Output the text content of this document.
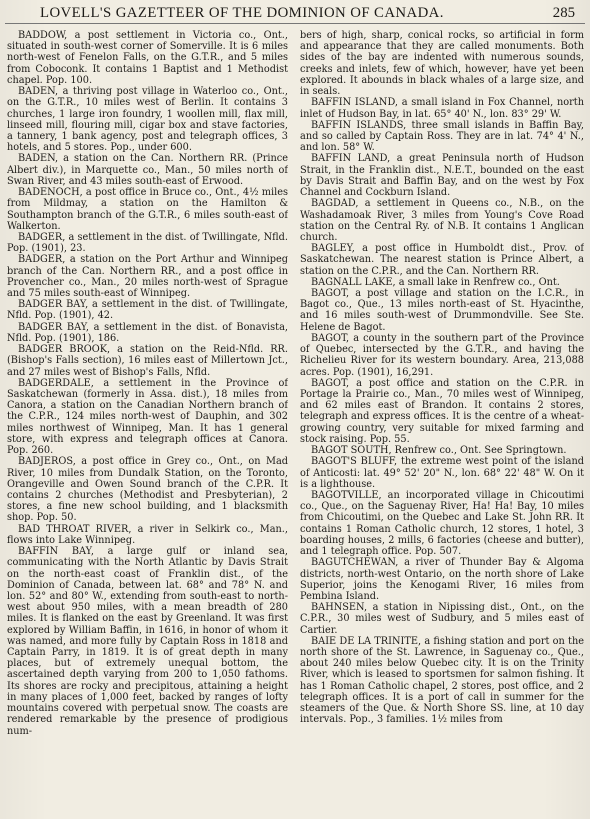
LOVELL'S GAZETTEER OF THE DOMINION OF CANADA.	285

BADDOW, a post settlement in Victoria co., Ont., situated in south-west corner of Somerville. It is 6 miles north-west of Fenelon Falls, on the G.T.R., and 5 miles from Coboconk. It contains 1 Baptist and 1 Methodist chapel. Pop. 100.

BADEN, a thriving post village in Waterloo co., Ont., on the G.T.R., 10 miles west of Berlin. It contains 3 churches, 1 large iron foundry, 1 woollen mill, flax mill, linseed mill, flouring mill, cigar box and stave factories, a tannery, 1 bank agency, post and telegraph offices, 3 hotels, and 5 stores. Pop., under 600.

BADEN, a station on the Can. Northern RR. (Prince Albert div.), in Marquette co., Man., 50 miles north of Swan River, and 43 miles south-east of Erwood.

BADENOCH, a post office in Bruce co., Ont., 4½ miles from Mildmay, a station on the Hamilton & Southampton branch of the G.T.R., 6 miles south-east of Walkerton.

BADGER, a settlement in the dist. of Twillingate, Nfld. Pop. (1901), 23.

BADGER, a station on the Port Arthur and Winnipeg branch of the Can. Northern RR., and a post office in Provencher co., Man., 20 miles north-west of Sprague and 75 miles south-east of Winnipeg.

BADGER BAY, a settlement in the dist. of Twillingate, Nfld. Pop. (1901), 42.

BADGER BAY, a settlement in the dist. of Bonavista, Nfld. Pop. (1901), 186.

BADGER BROOK, a station on the Reid-Nfld. RR. (Bishop's Falls section), 16 miles east of Millertown Jct., and 27 miles west of Bishop's Falls, Nfld.

BADGERDALE, a settlement in the Province of Saskatchewan (formerly in Assa. dist.), 18 miles from Canora, a station on the Canadian Northern branch of the C.P.R., 124 miles north-west of Dauphin, and 302 miles northwest of Winnipeg, Man. It has 1 general store, with express and telegraph offices at Canora. Pop. 260.

BADJEROS, a post office in Grey co., Ont., on Mad River, 10 miles from Dundalk Station, on the Toronto, Orangeville and Owen Sound branch of the C.P.R. It contains 2 churches (Methodist and Presbyterian), 2 stores, a fine new school building, and 1 blacksmith shop. Pop. 50.

BAD THROAT RIVER, a river in Selkirk co., Man., flows into Lake Winnipeg.

BAFFIN BAY, a large gulf or inland sea, communicating with the North Atlantic by Davis Strait on the north-east coast of Franklin dist., of the Dominion of Canada, between lat. 68° and 78° N. and lon. 52° and 80° W., extending from south-east to north-west about 950 miles, with a mean breadth of 280 miles. It is flanked on the east by Greenland. It was first explored by William Baffin, in 1616, in honor of whom it was named, and more fully by Captain Ross in 1818 and Captain Parry, in 1819. It is of great depth in many places, but of extremely unequal bottom, the ascertained depth varying from 200 to 1,050 fathoms. Its shores are rocky and precipitous, attaining a height in many places of 1,000 feet, backed by ranges of lofty mountains covered with perpetual snow. The coasts are rendered remarkable by the presence of prodigious num-

bers of high, sharp, conical rocks, so artificial in form and appearance that they are called monuments. Both sides of the bay are indented with numerous sounds, creeks and inlets, few of which, however, have yet been explored. It abounds in black whales of a large size, and in seals.

BAFFIN ISLAND, a small island in Fox Channel, north inlet of Hudson Bay, in lat. 65° 40' N., lon. 83° 29' W.

BAFFIN ISLANDS, three small islands in Baffin Bay, and so called by Captain Ross. They are in lat. 74° 4' N., and lon. 58° W.

BAFFIN LAND, a great Peninsula north of Hudson Strait, in the Franklin dist., N.E.T., bounded on the east by Davis Strait and Baffin Bay, and on the west by Fox Channel and Cockburn Island.

BAGDAD, a settlement in Queens co., N.B., on the Washadamoak River, 3 miles from Young's Cove Road station on the Central Ry. of N.B. It contains 1 Anglican church.

BAGLEY, a post office in Humboldt dist., Prov. of Saskatchewan. The nearest station is Prince Albert, a station on the C.P.R., and the Can. Northern RR.

BAGNALL LAKE, a small lake in Renfrew co., Ont.

BAGOT, a post village and station on the I.C.R., in Bagot co., Que., 13 miles north-east of St. Hyacinthe, and 16 miles south-west of Drummondville. See Ste. Helene de Bagot.

BAGOT, a county in the southern part of the Province of Quebec, intersected by the G.T.R., and having the Richelieu River for its western boundary. Area, 213,088 acres. Pop. (1901), 16,291.

BAGOT, a post office and station on the C.P.R. in Portage la Prairie co., Man., 70 miles west of Winnipeg, and 62 miles east of Brandon. It contains 2 stores, telegraph and express offices. It is the centre of a wheat-growing country, very suitable for mixed farming and stock raising. Pop. 55.

BAGOT SOUTH, Renfrew co., Ont. See Springtown.

BAGOT'S BLUFF, the extreme west point of the island of Anticosti: lat. 49° 52' 20" N., lon. 68° 22' 48" W. On it is a lighthouse.

BAGOTVILLE, an incorporated village in Chicoutimi co., Que., on the Saguenay River, Ha! Ha! Bay, 10 miles from Chicoutimi, on the Quebec and Lake St. John RR. It contains 1 Roman Catholic church, 12 stores, 1 hotel, 3 boarding houses, 2 mills, 6 factories (cheese and butter), and 1 telegraph office. Pop. 507.

BAGUTCHEWAN, a river of Thunder Bay & Algoma districts, north-west Ontario, on the north shore of Lake Superior, joins the Kenogami River, 16 miles from Pembina Island.

BAHNSEN, a station in Nipissing dist., Ont., on the C.P.R., 30 miles west of Sudbury, and 5 miles east of Cartier.

BAIE DE LA TRINITE, a fishing station and port on the north shore of the St. Lawrence, in Saguenay co., Que., about 240 miles below Quebec city. It is on the Trinity River, which is leased to sportsmen for salmon fishing. It has 1 Roman Catholic chapel, 2 stores, post office, and 2 telegraph offices. It is a port of call in summer for the steamers of the Que. & North Shore SS. line, at 10 day intervals. Pop., 3 families. 1½ miles from
